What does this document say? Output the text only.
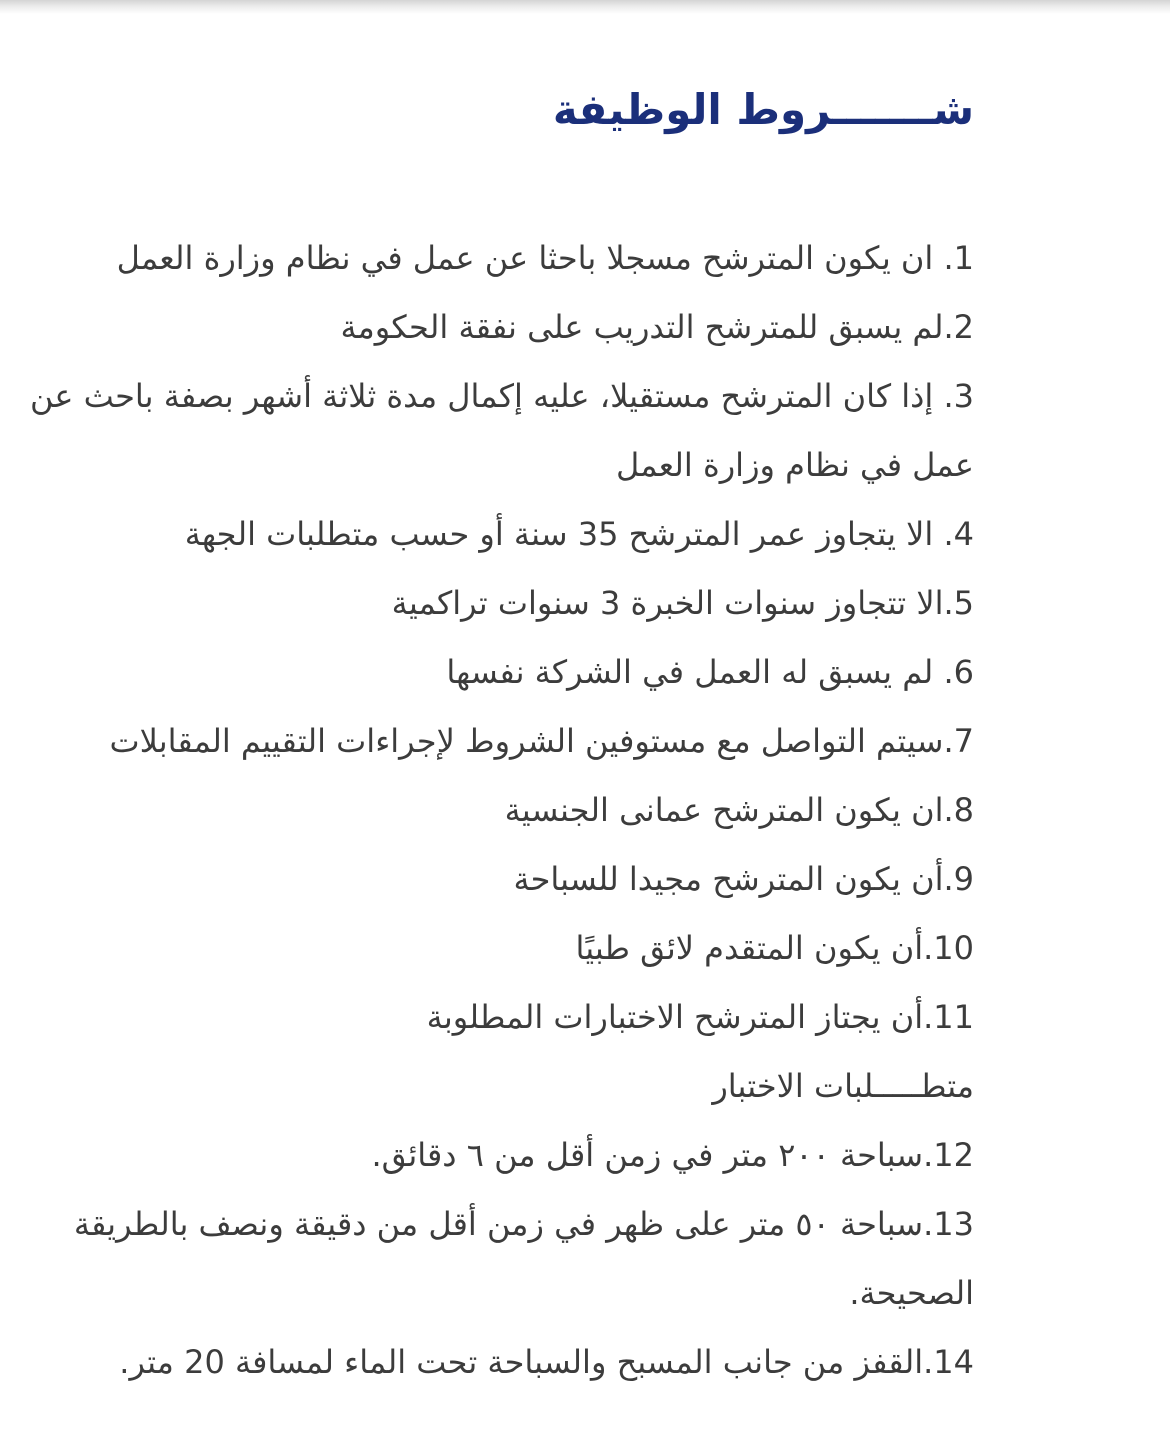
شـــــــروط الوظيفة
1. ان يكون المترشح مسجلا باحثا عن عمل في نظام وزارة العمل
2.لم يسبق للمترشح التدريب على نفقة الحكومة
3. إذا كان المترشح مستقيلا، عليه إكمال مدة ثلاثة أشهر بصفة باحث عن
عمل في نظام وزارة العمل
4. الا يتجاوز عمر المترشح 35 سنة أو حسب متطلبات الجهة
5.الا تتجاوز سنوات الخبرة 3 سنوات تراكمية
6. لم يسبق له العمل في الشركة نفسها
7.سيتم التواصل مع مستوفين الشروط لإجراءات التقييم المقابلات
8.ان يكون المترشح عمانى الجنسية
9.أن يكون المترشح مجيدا للسباحة
10.أن يكون المتقدم لائق طبيًا
11.أن يجتاز المترشح الاختبارات المطلوبة
متطـــــلبات الاختبار
12.سباحة ٢٠٠ متر في زمن أقل من ٦ دقائق.
13.سباحة ٥٠ متر على ظهر في زمن أقل من دقيقة ونصف بالطريقة
الصحيحة.
14.القفز من جانب المسبح والسباحة تحت الماء لمسافة 20 متر.
